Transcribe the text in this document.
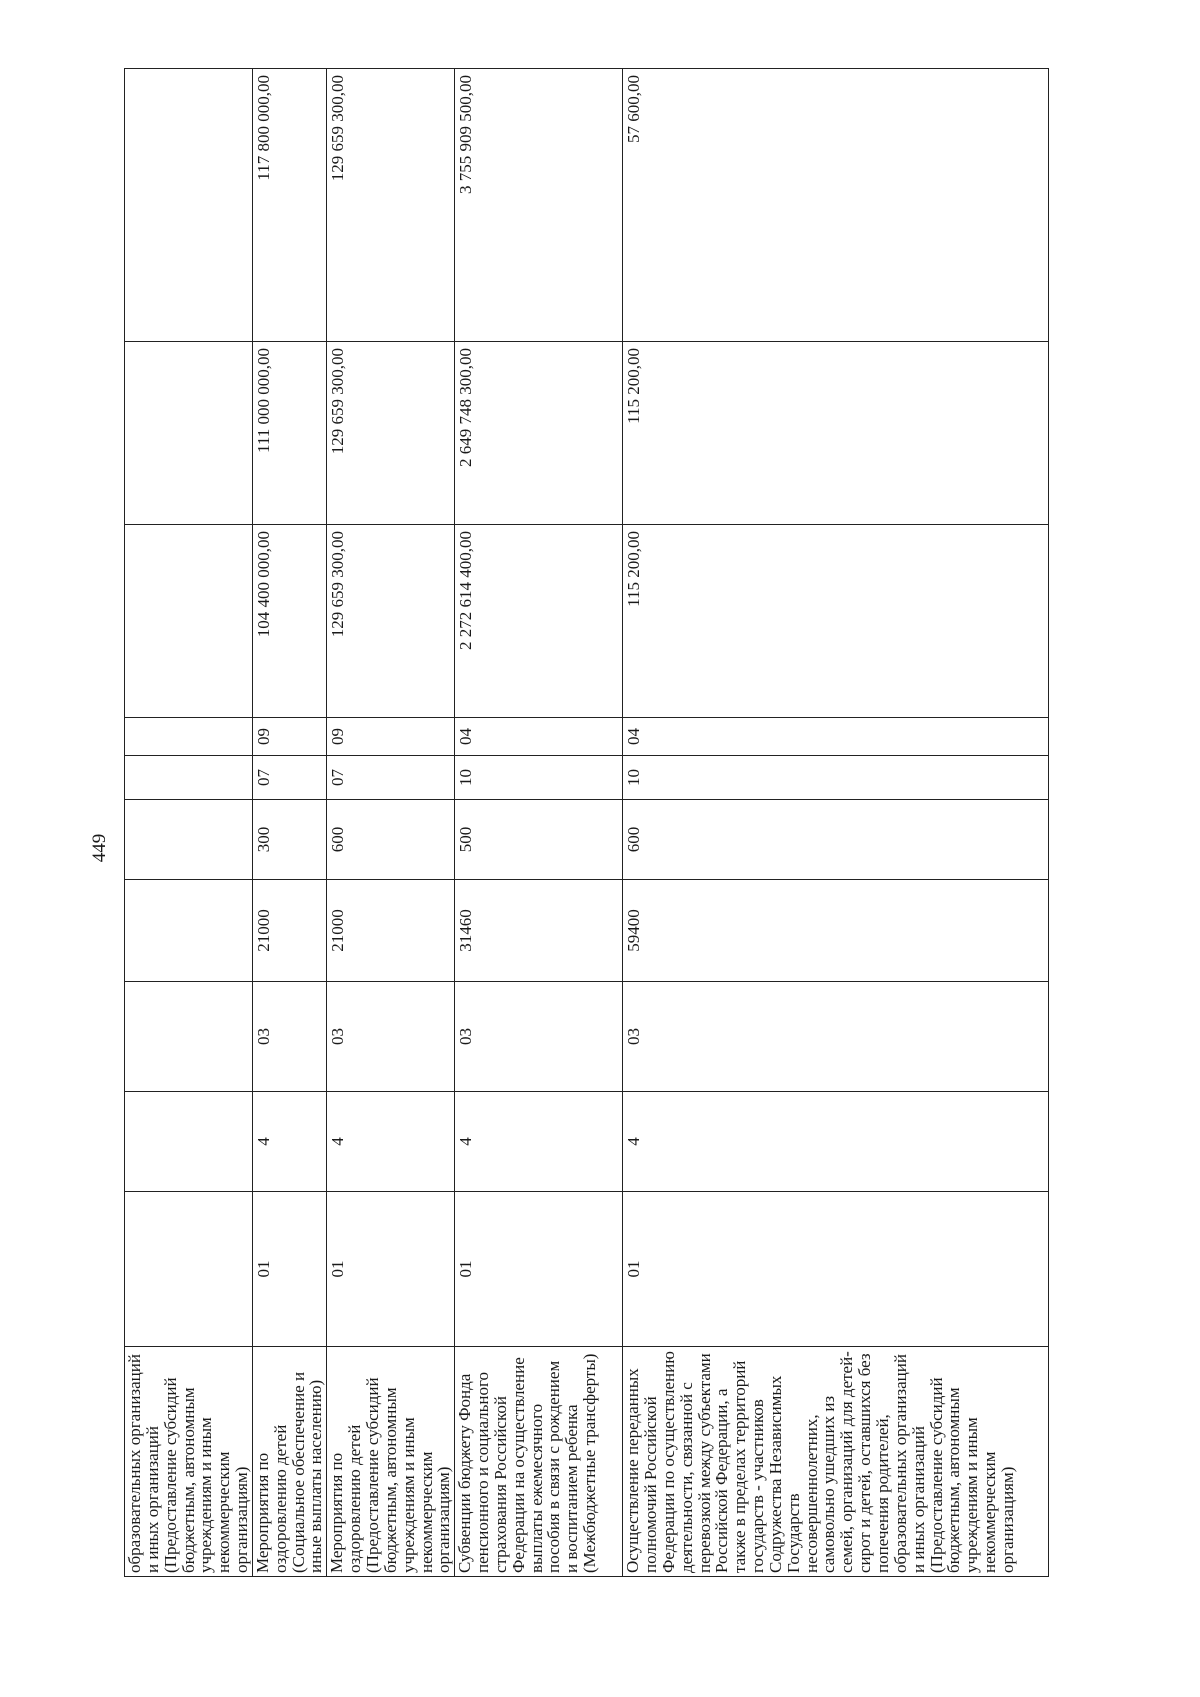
449
образовательных организаций и иных организаций (Предоставление субсидий бюджетным, автономным учреждениям и иным некоммерческим организациям)										
Мероприятия по оздоровлению детей (Социальное обеспечение и иные выплаты населению)	01	4	03	21000	300	07	09	104 400 000,00	111 000 000,00	117 800 000,00
Мероприятия по оздоровлению детей (Предоставление субсидий бюджетным, автономным учреждениям и иным некоммерческим организациям)	01	4	03	21000	600	07	09	129 659 300,00	129 659 300,00	129 659 300,00
Субвенции бюджету Фонда пенсионного и социального страхования Российской Федерации на осуществление выплаты ежемесячного пособия в связи с рождением и воспитанием ребенка (Межбюджетные трансферты)	01	4	03	31460	500	10	04	2 272 614 400,00	2 649 748 300,00	3 755 909 500,00
Осуществление переданных полномочий Российской Федерации по осуществлению деятельности, связанной с перевозкой между субъектами Российской Федерации, а также в пределах территорий государств - участников Содружества Независимых Государств несовершеннолетних, самовольно ушедших из семей, организаций для детей-сирот и детей, оставшихся без попечения родителей, образовательных организаций и иных организаций (Предоставление субсидий бюджетным, автономным учреждениям и иным некоммерческим организациям)	01	4	03	59400	600	10	04	115 200,00	115 200,00	57 600,00
